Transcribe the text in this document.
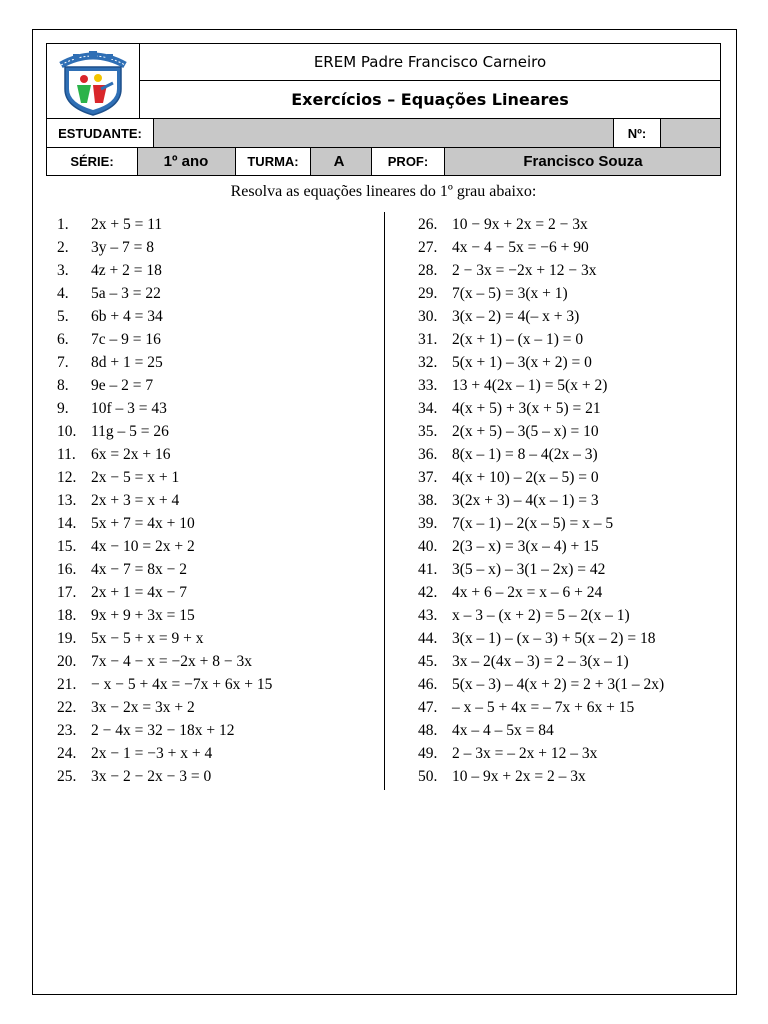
EREM Padre Francisco Carneiro
Exercícios – Equações Lineares
ESTUDANTE:	Nº:
SÉRIE:	1º ano	TURMA:	A	PROF:	Francisco Souza
Resolva as equações lineares do 1º grau abaixo:
1. 2x + 5 = 11
2. 3y – 7 = 8
3. 4z + 2 = 18
4. 5a – 3 = 22
5. 6b + 4 = 34
6. 7c – 9 = 16
7. 8d + 1 = 25
8. 9e – 2 = 7
9. 10f – 3 = 43
10. 11g – 5 = 26
11. 6x = 2x + 16
12. 2x − 5 = x + 1
13. 2x + 3 = x + 4
14. 5x + 7 = 4x + 10
15. 4x − 10 = 2x + 2
16. 4x − 7 = 8x − 2
17. 2x + 1 = 4x − 7
18. 9x + 9 + 3x = 15
19. 5x − 5 + x = 9 + x
20. 7x − 4 − x = −2x + 8 − 3x
21. − x − 5 + 4x = −7x + 6x + 15
22. 3x − 2x = 3x + 2
23. 2 − 4x = 32 − 18x + 12
24. 2x − 1 = −3 + x + 4
25. 3x − 2 − 2x − 3 = 0
26. 10 − 9x + 2x = 2 − 3x
27. 4x − 4 − 5x = −6 + 90
28. 2 − 3x = −2x + 12 − 3x
29. 7(x – 5) = 3(x + 1)
30. 3(x – 2) = 4(– x + 3)
31. 2(x + 1) – (x – 1) = 0
32. 5(x + 1) – 3(x + 2) = 0
33. 13 + 4(2x – 1) = 5(x + 2)
34. 4(x + 5) + 3(x + 5) = 21
35. 2(x + 5) – 3(5 – x) = 10
36. 8(x – 1) = 8 – 4(2x – 3)
37. 4(x + 10) – 2(x – 5) = 0
38. 3(2x + 3) – 4(x – 1) = 3
39. 7(x – 1) – 2(x – 5) = x – 5
40. 2(3 – x) = 3(x – 4) + 15
41. 3(5 – x) – 3(1 – 2x) = 42
42. 4x + 6 – 2x = x – 6 + 24
43. x – 3 – (x + 2) = 5 – 2(x – 1)
44. 3(x – 1) – (x – 3) + 5(x – 2) = 18
45. 3x – 2(4x – 3) = 2 – 3(x – 1)
46. 5(x – 3) – 4(x + 2) = 2 + 3(1 – 2x)
47. – x – 5 + 4x = – 7x + 6x + 15
48. 4x – 4 – 5x = 84
49. 2 – 3x = – 2x + 12 – 3x
50. 10 – 9x + 2x = 2 – 3x
